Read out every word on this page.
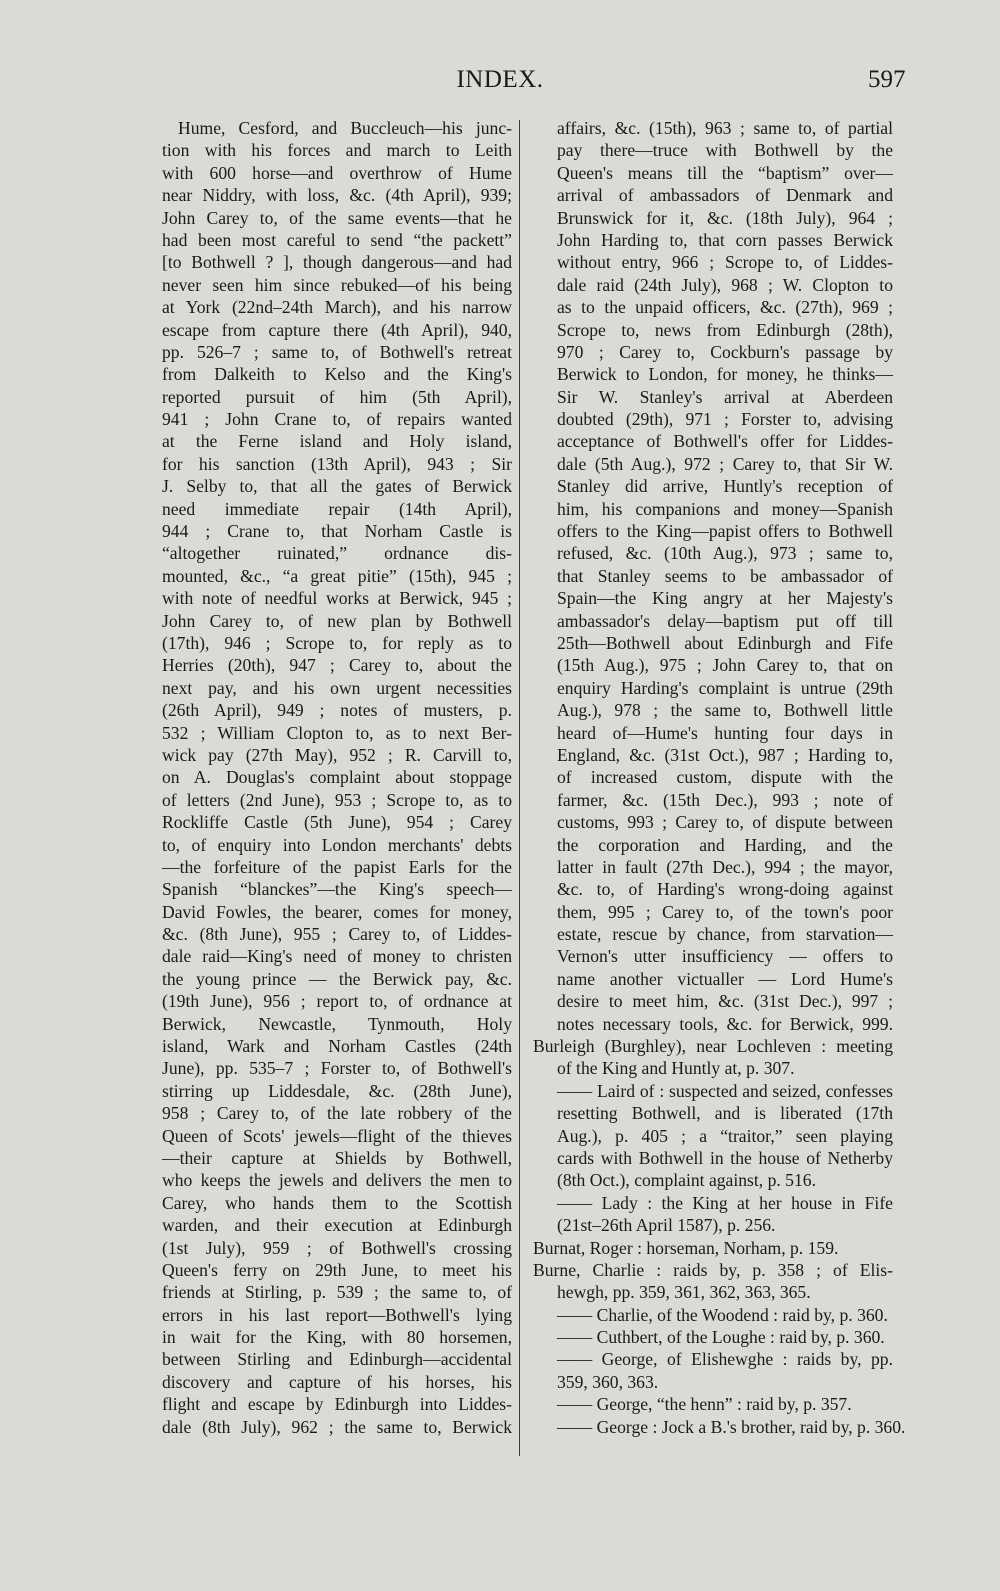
INDEX.	597
Hume, Cesford, and Buccleuch—his junc-
tion with his forces and march to Leith
with 600 horse—and overthrow of Hume
near Niddry, with loss, &c. (4th April), 939;
John Carey to, of the same events—that he
had been most careful to send “the packett”
[to Bothwell ? ], though dangerous—and had
never seen him since rebuked—of his being
at York (22nd–24th March), and his narrow
escape from capture there (4th April), 940,
pp. 526–7 ; same to, of Bothwell's retreat
from Dalkeith to Kelso and the King's
reported pursuit of him (5th April),
941 ; John Crane to, of repairs wanted
at the Ferne island and Holy island,
for his sanction (13th April), 943 ; Sir
J. Selby to, that all the gates of Berwick
need immediate repair (14th April),
944 ; Crane to, that Norham Castle is
“altogether ruinated,” ordnance dis-
mounted, &c., “a great pitie” (15th), 945 ;
with note of needful works at Berwick, 945 ;
John Carey to, of new plan by Bothwell
(17th), 946 ; Scrope to, for reply as to
Herries (20th), 947 ; Carey to, about the
next pay, and his own urgent necessities
(26th April), 949 ; notes of musters, p.
532 ; William Clopton to, as to next Ber-
wick pay (27th May), 952 ; R. Carvill to,
on A. Douglas's complaint about stoppage
of letters (2nd June), 953 ; Scrope to, as to
Rockliffe Castle (5th June), 954 ; Carey
to, of enquiry into London merchants' debts
—the forfeiture of the papist Earls for the
Spanish “blanckes”—the King's speech—
David Fowles, the bearer, comes for money,
&c. (8th June), 955 ; Carey to, of Liddes-
dale raid—King's need of money to christen
the young prince — the Berwick pay, &c.
(19th June), 956 ; report to, of ordnance at
Berwick, Newcastle, Tynmouth, Holy
island, Wark and Norham Castles (24th
June), pp. 535–7 ; Forster to, of Bothwell's
stirring up Liddesdale, &c. (28th June),
958 ; Carey to, of the late robbery of the
Queen of Scots' jewels—flight of the thieves
—their capture at Shields by Bothwell,
who keeps the jewels and delivers the men to
Carey, who hands them to the Scottish
warden, and their execution at Edinburgh
(1st July), 959 ; of Bothwell's crossing
Queen's ferry on 29th June, to meet his
friends at Stirling, p. 539 ; the same to, of
errors in his last report—Bothwell's lying
in wait for the King, with 80 horsemen,
between Stirling and Edinburgh—accidental
discovery and capture of his horses, his
flight and escape by Edinburgh into Liddes-
dale (8th July), 962 ; the same to, Berwick
affairs, &c. (15th), 963 ; same to, of partial
pay there—truce with Bothwell by the
Queen's means till the “baptism” over—
arrival of ambassadors of Denmark and
Brunswick for it, &c. (18th July), 964 ;
John Harding to, that corn passes Berwick
without entry, 966 ; Scrope to, of Liddes-
dale raid (24th July), 968 ; W. Clopton to
as to the unpaid officers, &c. (27th), 969 ;
Scrope to, news from Edinburgh (28th),
970 ; Carey to, Cockburn's passage by
Berwick to London, for money, he thinks—
Sir W. Stanley's arrival at Aberdeen
doubted (29th), 971 ; Forster to, advising
acceptance of Bothwell's offer for Liddes-
dale (5th Aug.), 972 ; Carey to, that Sir W.
Stanley did arrive, Huntly's reception of
him, his companions and money—Spanish
offers to the King—papist offers to Bothwell
refused, &c. (10th Aug.), 973 ; same to,
that Stanley seems to be ambassador of
Spain—the King angry at her Majesty's
ambassador's delay—baptism put off till
25th—Bothwell about Edinburgh and Fife
(15th Aug.), 975 ; John Carey to, that on
enquiry Harding's complaint is untrue (29th
Aug.), 978 ; the same to, Bothwell little
heard of—Hume's hunting four days in
England, &c. (31st Oct.), 987 ; Harding to,
of increased custom, dispute with the
farmer, &c. (15th Dec.), 993 ; note of
customs, 993 ; Carey to, of dispute between
the corporation and Harding, and the
latter in fault (27th Dec.), 994 ; the mayor,
&c. to, of Harding's wrong-doing against
them, 995 ; Carey to, of the town's poor
estate, rescue by chance, from starvation—
Vernon's utter insufficiency — offers to
name another victualler — Lord Hume's
desire to meet him, &c. (31st Dec.), 997 ;
notes necessary tools, &c. for Berwick, 999.
Burleigh (Burghley), near Lochleven : meeting
of the King and Huntly at, p. 307.
—— Laird of : suspected and seized, confesses
resetting Bothwell, and is liberated (17th
Aug.), p. 405 ; a “traitor,” seen playing
cards with Bothwell in the house of Netherby
(8th Oct.), complaint against, p. 516.
—— Lady : the King at her house in Fife
(21st–26th April 1587), p. 256.
Burnat, Roger : horseman, Norham, p. 159.
Burne, Charlie : raids by, p. 358 ; of Elis-
hewgh, pp. 359, 361, 362, 363, 365.
—— Charlie, of the Woodend : raid by, p. 360.
—— Cuthbert, of the Loughe : raid by, p. 360.
—— George, of Elishewghe : raids by, pp.
359, 360, 363.
—— George, “the henn” : raid by, p. 357.
—— George : Jock a B.'s brother, raid by, p. 360.
